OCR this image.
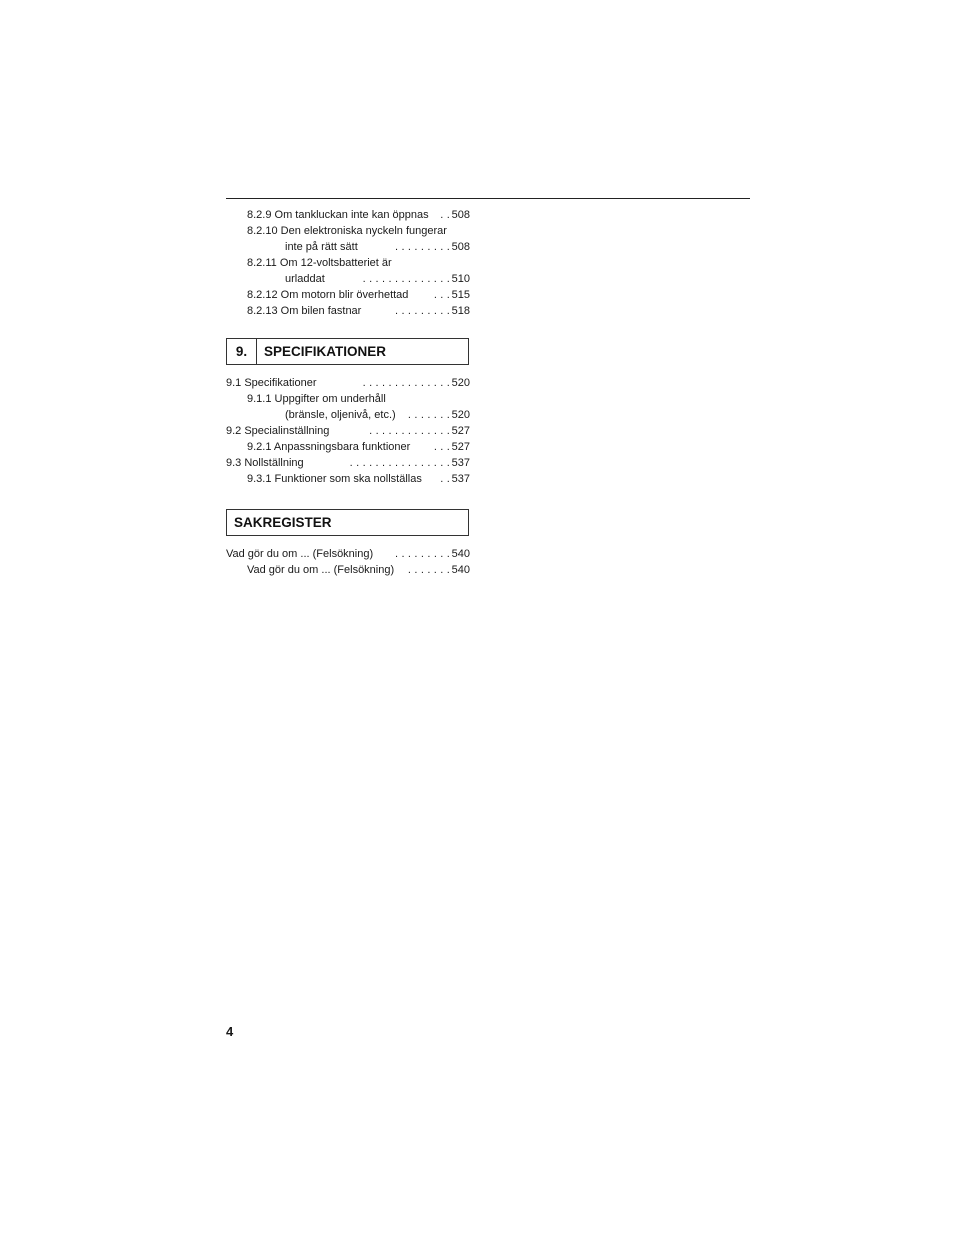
8.2.9 Om tankluckan inte kan öppnas . . 508
8.2.10 Den elektroniska nyckeln fungerar
inte på rätt sätt	. . . . . . . . . 508
8.2.11 Om 12-voltsbatteriet är
urladdat	. . . . . . . . . . . . . . 510
8.2.12 Om motorn blir överhettad . . . 515
8.2.13 Om bilen fastnar	. . . . . . . . . 518
9.	SPECIFIKATIONER
9.1 Specifikationer	. . . . . . . . . . . . . . 520
9.1.1 Uppgifter om underhåll
(bränsle, oljenivå, etc.) . . . . . . . 520
9.2 Specialinställning	. . . . . . . . . . . . . 527
9.2.1 Anpassningsbara funktioner . . . 527
9.3 Nollställning	. . . . . . . . . . . . . . . . 537
9.3.1 Funktioner som ska nollställas . . 537
SAKREGISTER
Vad gör du om ... (Felsökning) . . . . . . . . . 540
Vad gör du om ... (Felsökning) . . . . . . . 540
4
